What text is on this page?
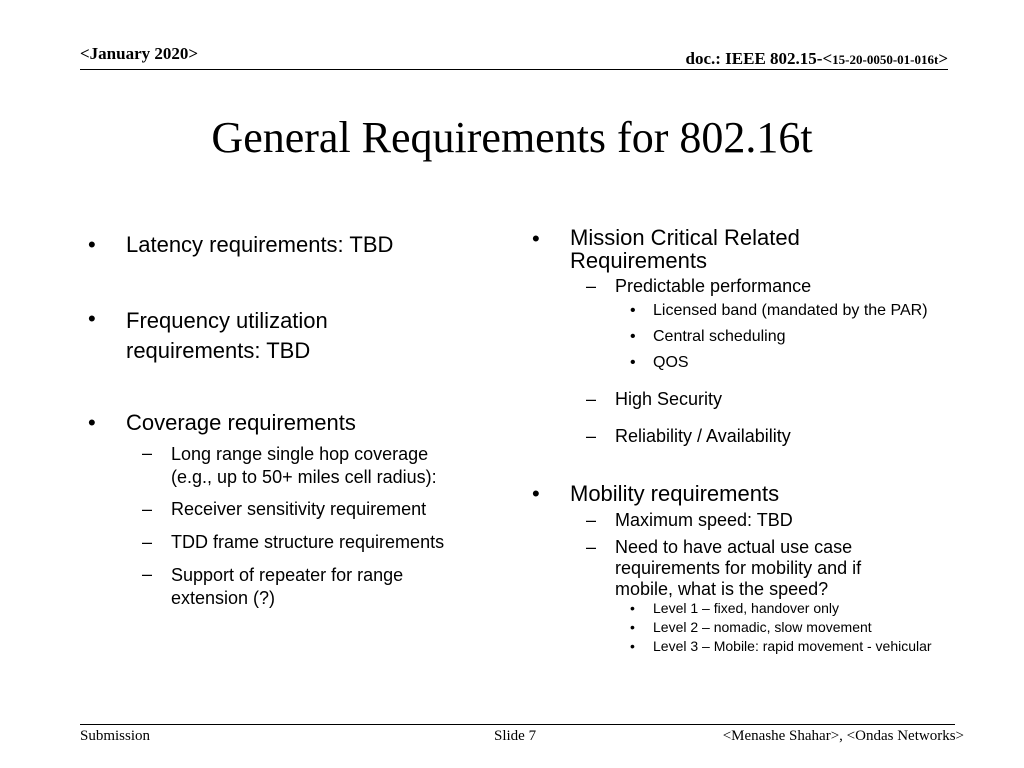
<January 2020>	doc.: IEEE 802.15-<15-20-0050-01-016t>
General Requirements for 802.16t
• Latency requirements: TBD
• Frequency utilization
requirements: TBD
• Coverage requirements
– Long range single hop coverage
(e.g., up to 50+ miles cell radius):
– Receiver sensitivity requirement
– TDD frame structure requirements
– Support of repeater for range
extension (?)
• Mission Critical Related
Requirements
– Predictable performance
• Licensed band (mandated by the PAR)
• Central scheduling
• QOS
– High Security
– Reliability / Availability
• Mobility requirements
– Maximum speed: TBD
– Need to have actual use case
requirements for mobility and if
mobile, what is the speed?
• Level 1 – fixed, handover only
• Level 2 – nomadic, slow movement
• Level 3 – Mobile: rapid movement - vehicular
Submission	Slide 7	<Menashe Shahar>, <Ondas Networks>
